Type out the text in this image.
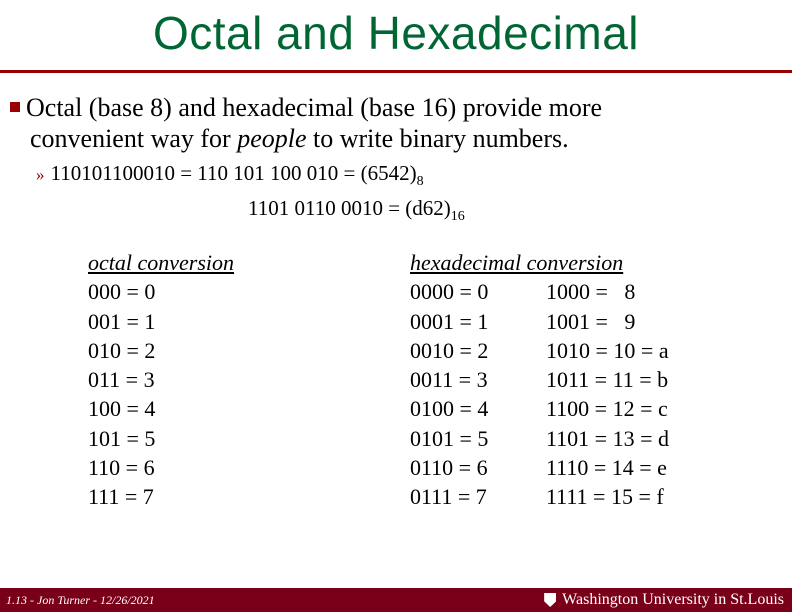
Octal and Hexadecimal
Octal (base 8) and hexadecimal (base 16) provide more
convenient way for people to write binary numbers.
» 110101100010 = 110 101 100 $010 = (6542)_8$
1101 0110 $0010 = (d62)_{16}$
octal conversion
000 = 0
001 = 1
010 = 2
011 = 3
100 = 4
101 = 5
110 = 6
111 = 7
hexadecimal conversion
0000 = 0
0001 = 1
0010 = 2
0011 = 3
0100 = 4
0101 = 5
0110 = 6
0111 = 7
1000 =   8
1001 =   9
1010 = 10 = a
1011 = 11 = b
1100 = 12 = c
1101 = 13 = d
1110 = 14 = e
1111 = 15 = f
1.13 - Jon Turner - 12/26/2021	Washington University in St.Louis
